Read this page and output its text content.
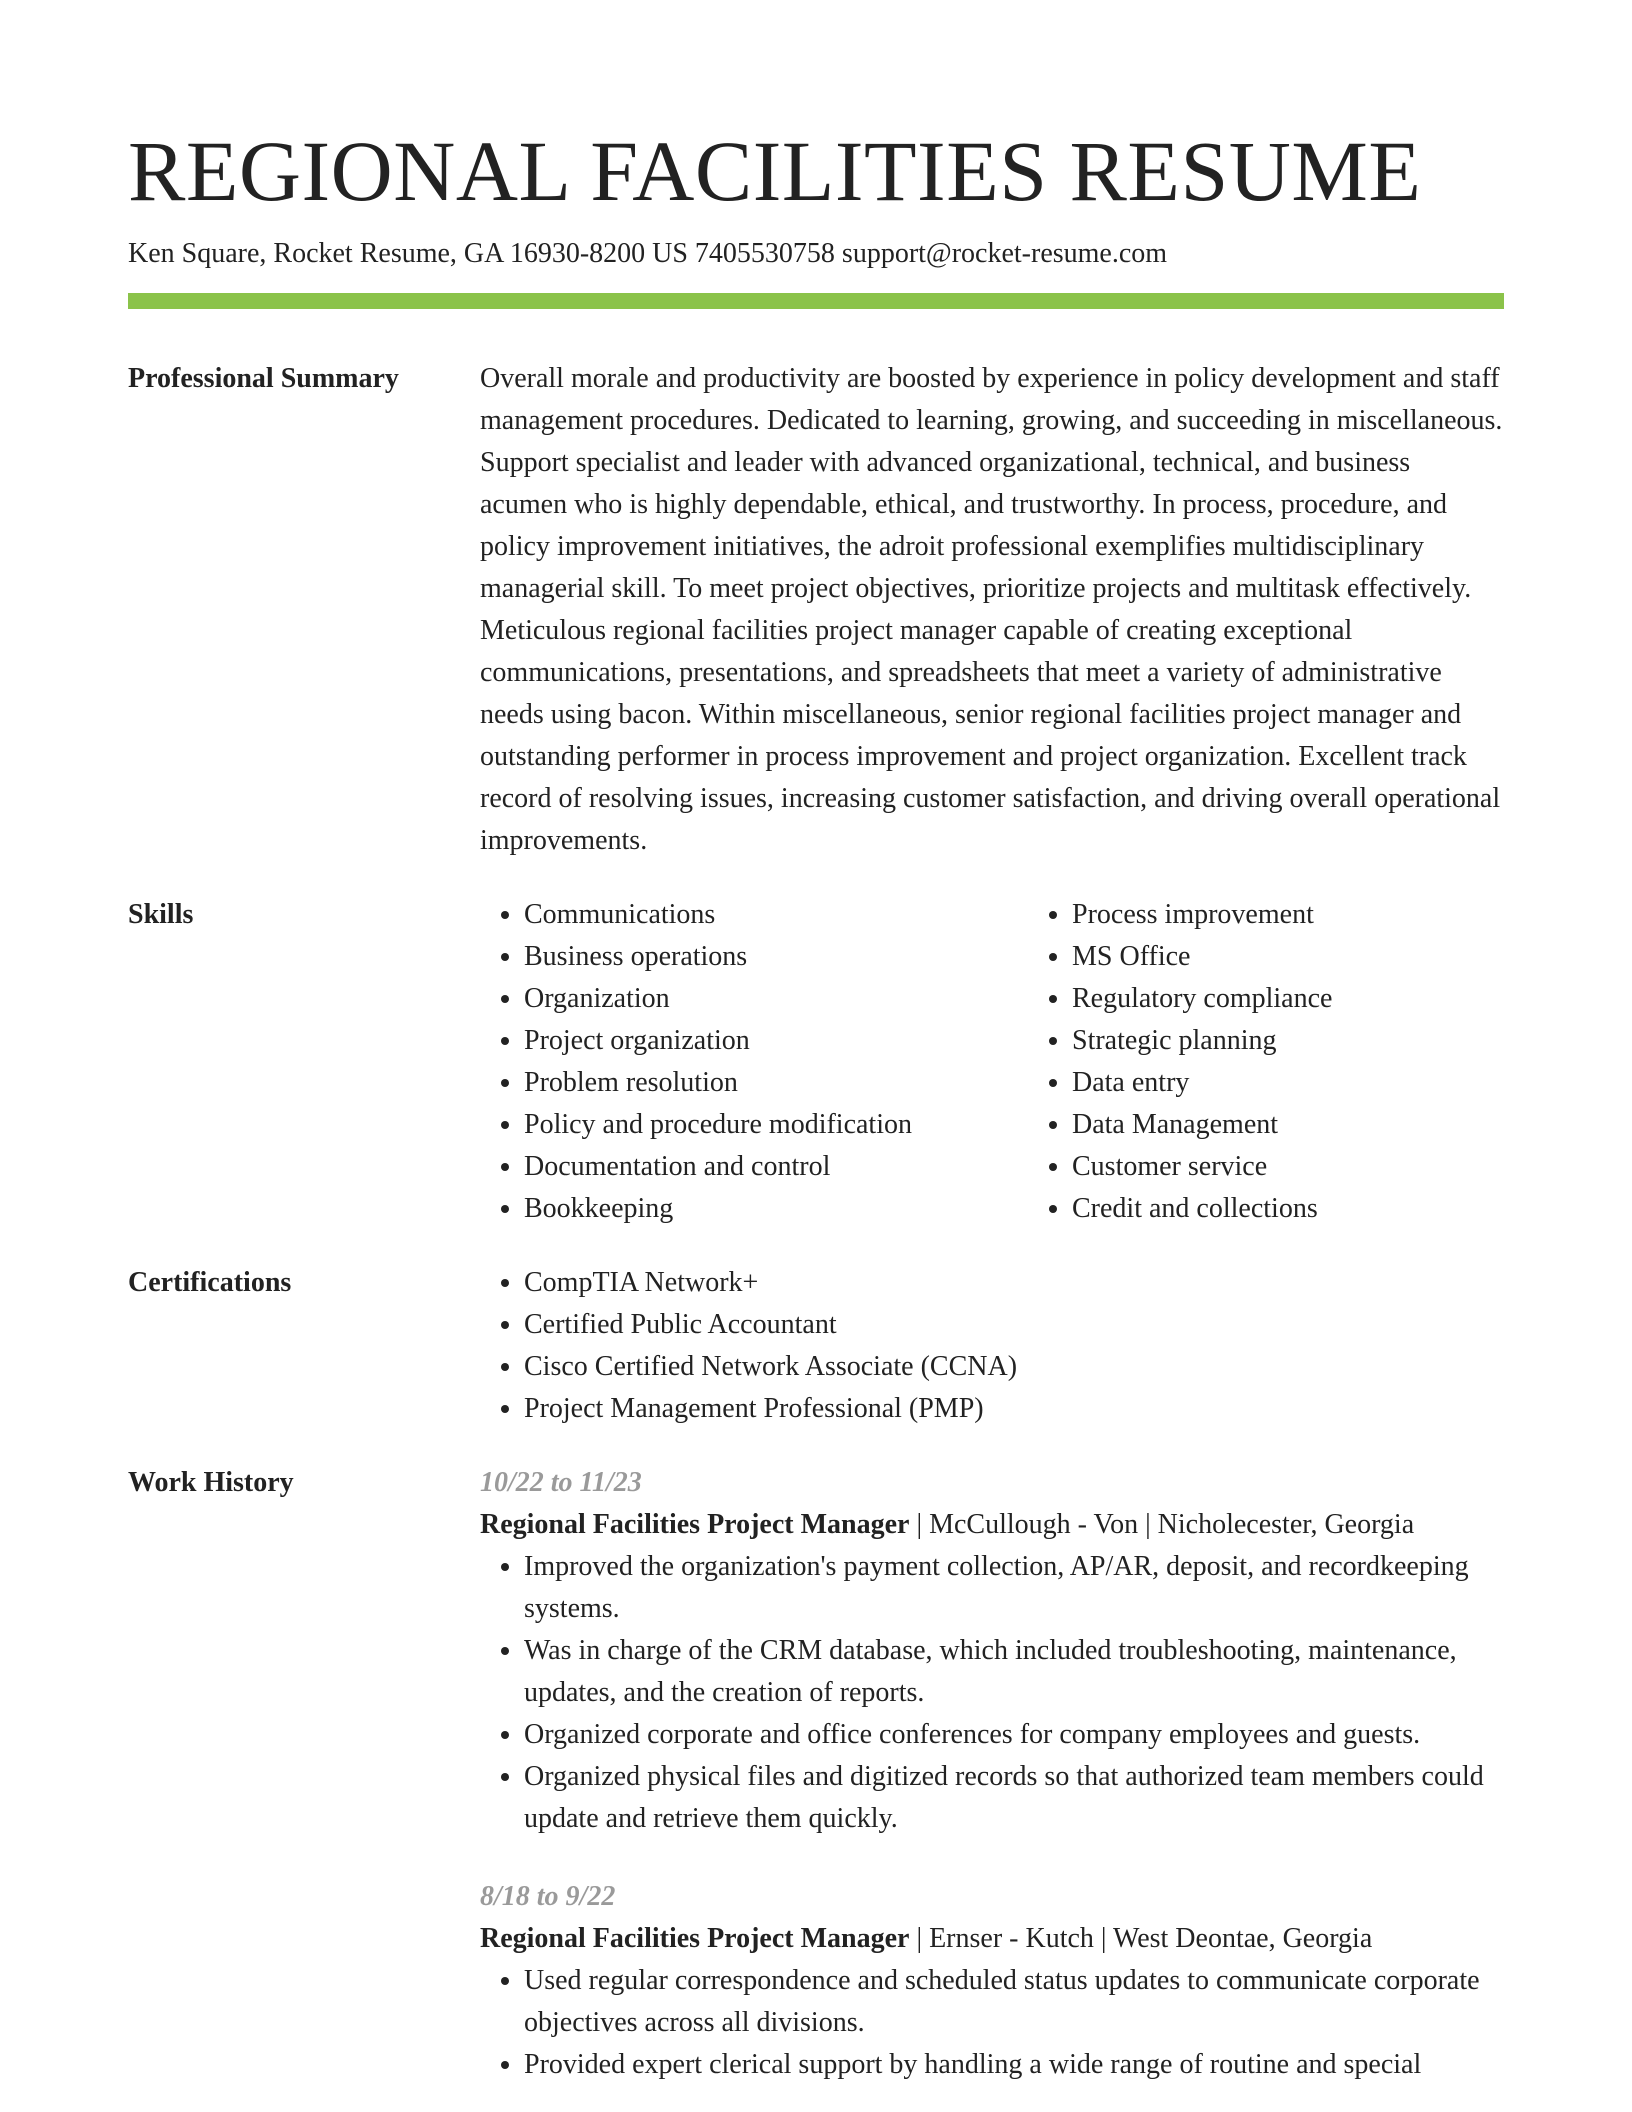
REGIONAL FACILITIES RESUME
Ken Square, Rocket Resume, GA 16930-8200 US 7405530758 support@rocket-resume.com
Professional Summary	Overall morale and productivity are boosted by experience in policy development and staff management procedures. Dedicated to learning, growing, and succeeding in miscellaneous. Support specialist and leader with advanced organizational, technical, and business acumen who is highly dependable, ethical, and trustworthy. In process, procedure, and policy improvement initiatives, the adroit professional exemplifies multidisciplinary managerial skill. To meet project objectives, prioritize projects and multitask effectively. Meticulous regional facilities project manager capable of creating exceptional communications, presentations, and spreadsheets that meet a variety of administrative needs using bacon. Within miscellaneous, senior regional facilities project manager and outstanding performer in process improvement and project organization. Excellent track record of resolving issues, increasing customer satisfaction, and driving overall operational improvements.

Skills	• Communications
• Business operations
• Organization
• Project organization
• Problem resolution
• Policy and procedure modification
• Documentation and control
• Bookkeeping
• Process improvement
• MS Office
• Regulatory compliance
• Strategic planning
• Data entry
• Data Management
• Customer service
• Credit and collections
Certifications	• CompTIA Network+
• Certified Public Accountant
• Cisco Certified Network Associate (CCNA)
• Project Management Professional (PMP)
Work History	10/22 to 11/23
Regional Facilities Project Manager | McCullough - Von | Nicholecester, Georgia
• Improved the organization's payment collection, AP/AR, deposit, and recordkeeping systems.
• Was in charge of the CRM database, which included troubleshooting, maintenance, updates, and the creation of reports.
• Organized corporate and office conferences for company employees and guests.
• Organized physical files and digitized records so that authorized team members could update and retrieve them quickly.
8/18 to 9/22
Regional Facilities Project Manager | Ernser - Kutch | West Deontae, Georgia
• Used regular correspondence and scheduled status updates to communicate corporate objectives across all divisions.
• Provided expert clerical support by handling a wide range of routine and special
